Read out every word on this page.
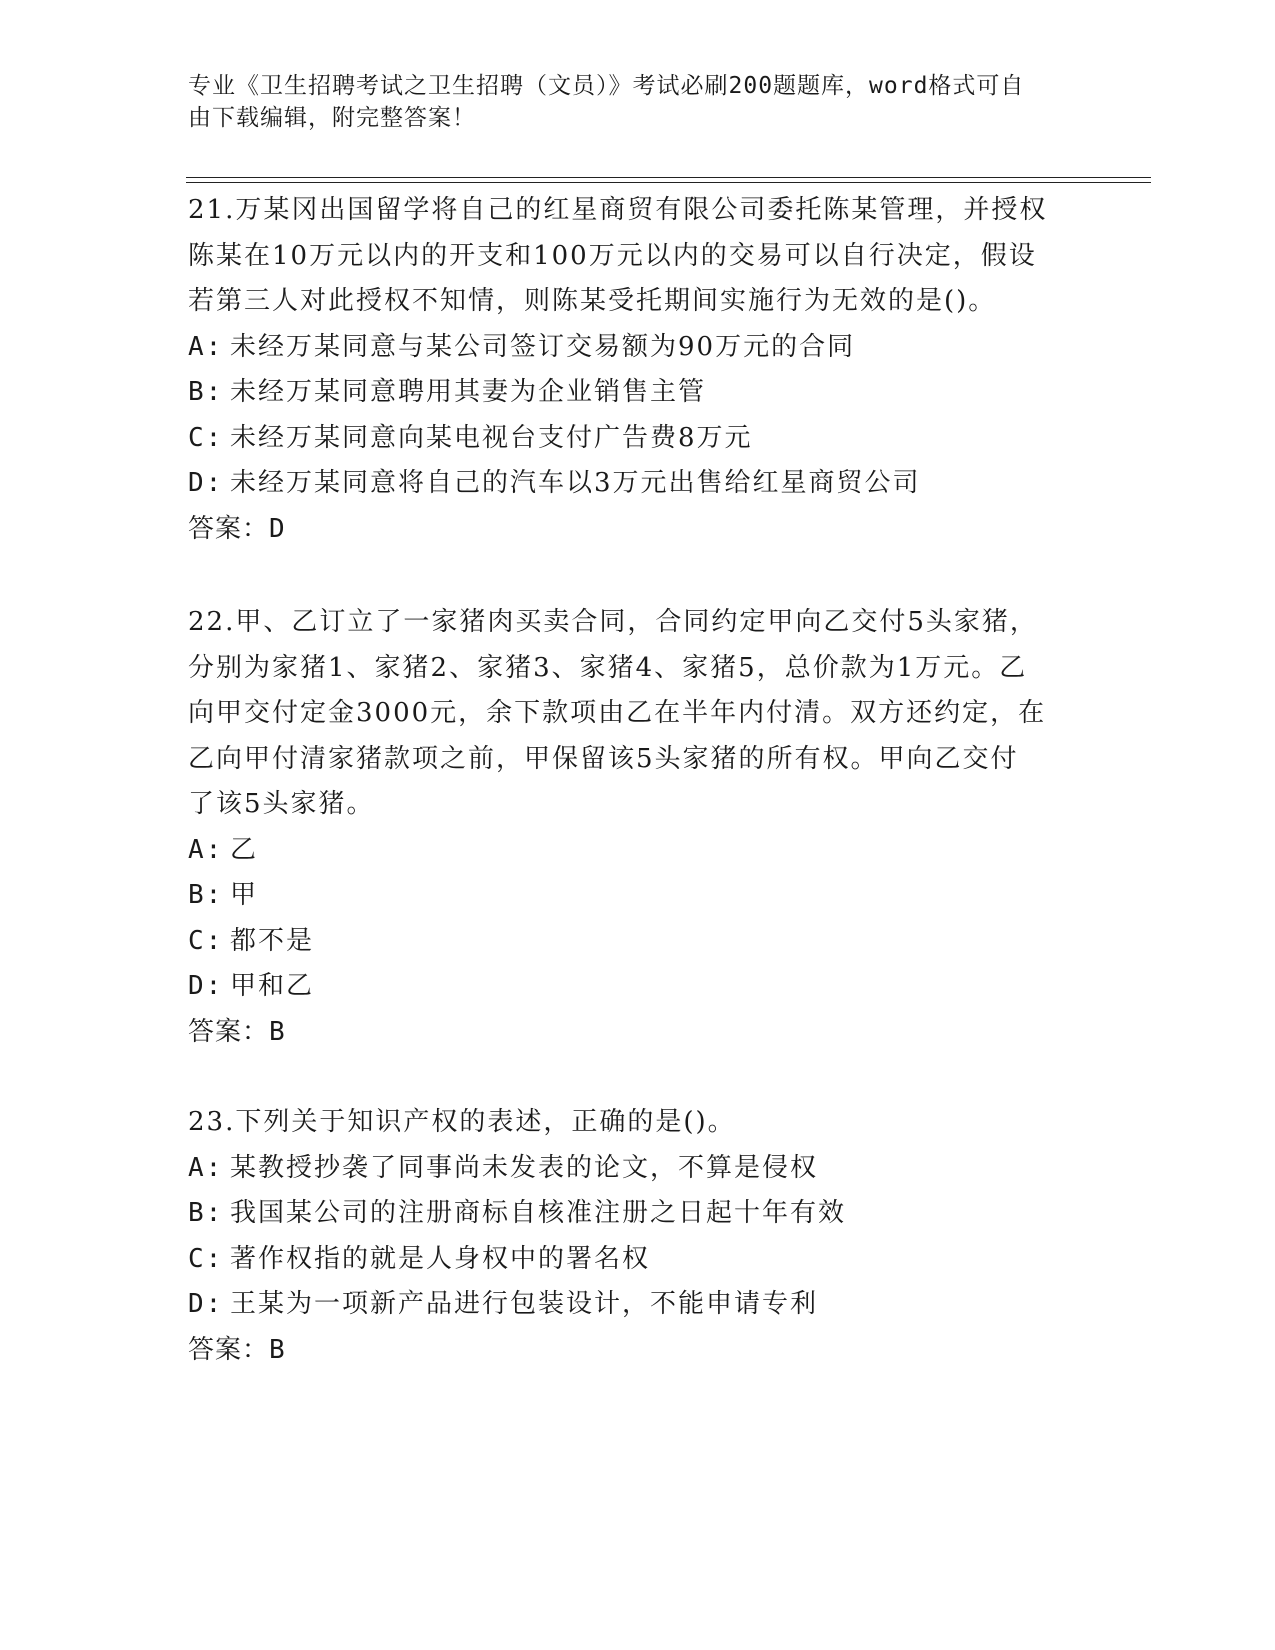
专业《卫生招聘考试之卫生招聘（文员）》考试必刷200题题库，word格式可自
由下载编辑，附完整答案！

21.万某冈出国留学将自己的红星商贸有限公司委托陈某管理，并授权

陈某在10万元以内的开支和100万元以内的交易可以自行决定，假设

若第三人对此授权不知情，则陈某受托期间实施行为无效的是()。

A: 未经万某同意与某公司签订交易额为90万元的合同

B: 未经万某同意聘用其妻为企业销售主管

C: 未经万某同意向某电视台支付广告费8万元

D: 未经万某同意将自己的汽车以3万元出售给红星商贸公司

答案：D

22.甲、乙订立了一家猪肉买卖合同，合同约定甲向乙交付5头家猪，

分别为家猪1、家猪2、家猪3、家猪4、家猪5，总价款为1万元。乙

向甲交付定金3000元，余下款项由乙在半年内付清。双方还约定，在

乙向甲付清家猪款项之前，甲保留该5头家猪的所有权。甲向乙交付

了该5头家猪。

A: 乙

B: 甲

C: 都不是

D: 甲和乙

答案：B

23.下列关于知识产权的表述，正确的是()。

A: 某教授抄袭了同事尚未发表的论文，不算是侵权

B: 我国某公司的注册商标自核准注册之日起十年有效

C: 著作权指的就是人身权中的署名权

D: 王某为一项新产品进行包装设计，不能申请专利

答案：B
